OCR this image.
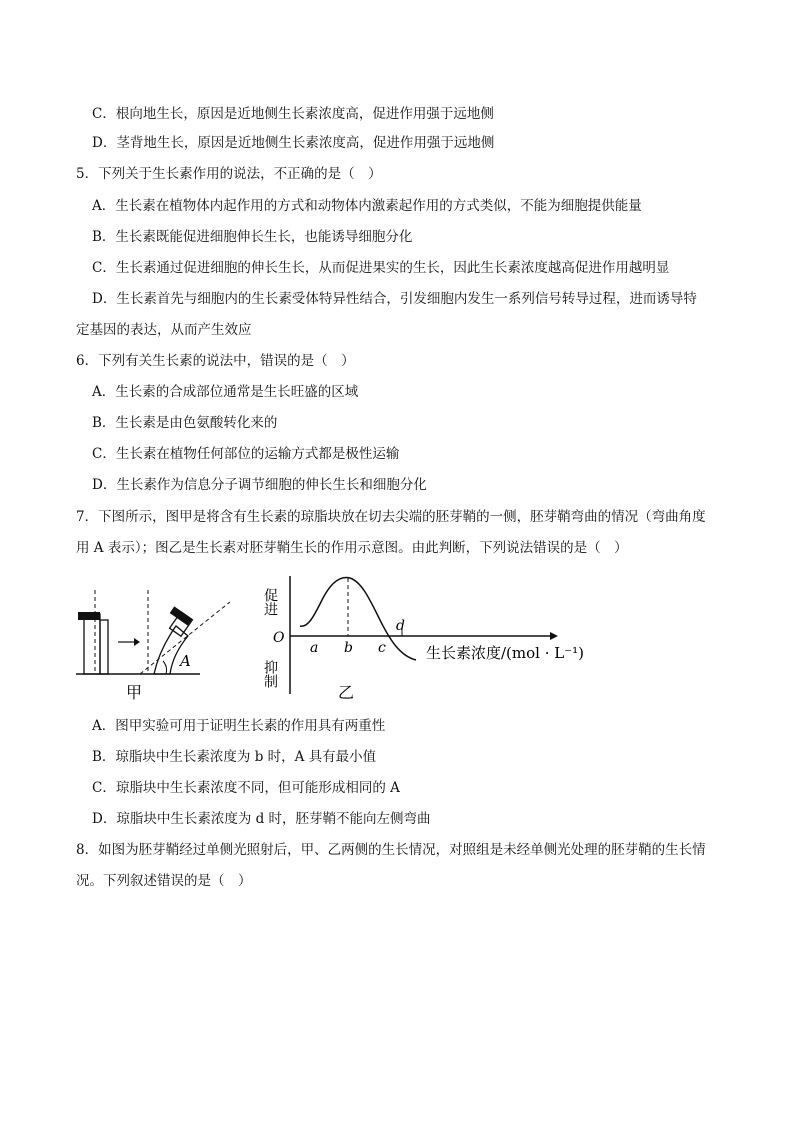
C．根向地生长，原因是近地侧生长素浓度高，促进作用强于远地侧
D．茎背地生长，原因是近地侧生长素浓度高，促进作用强于远地侧
5．下列关于生长素作用的说法，不正确的是（　）
A．生长素在植物体内起作用的方式和动物体内激素起作用的方式类似，不能为细胞提供能量
B．生长素既能促进细胞伸长生长，也能诱导细胞分化
C．生长素通过促进细胞的伸长生长，从而促进果实的生长，因此生长素浓度越高促进作用越明显
D．生长素首先与细胞内的生长素受体特异性结合，引发细胞内发生一系列信号转导过程，进而诱导特
定基因的表达，从而产生效应
6．下列有关生长素的说法中，错误的是（　）
A．生长素的合成部位通常是生长旺盛的区域
B．生长素是由色氨酸转化来的
C．生长素在植物任何部位的运输方式都是极性运输
D．生长素作为信息分子调节细胞的伸长生长和细胞分化
7．下图所示，图甲是将含有生长素的琼脂块放在切去尖端的胚芽鞘的一侧，胚芽鞘弯曲的情况（弯曲角度
用 A 表示）；图乙是生长素对胚芽鞘生长的作用示意图。由此判断，下列说法错误的是（　）
A
甲
促进
抑制
O
a b c
d
生长素浓度/(mol · L⁻¹)
乙
A．图甲实验可用于证明生长素的作用具有两重性
B．琼脂块中生长素浓度为 b 时，A 具有最小值
C．琼脂块中生长素浓度不同，但可能形成相同的 A
D．琼脂块中生长素浓度为 d 时，胚芽鞘不能向左侧弯曲
8．如图为胚芽鞘经过单侧光照射后，甲、乙两侧的生长情况，对照组是未经单侧光处理的胚芽鞘的生长情
况。下列叙述错误的是（　）
